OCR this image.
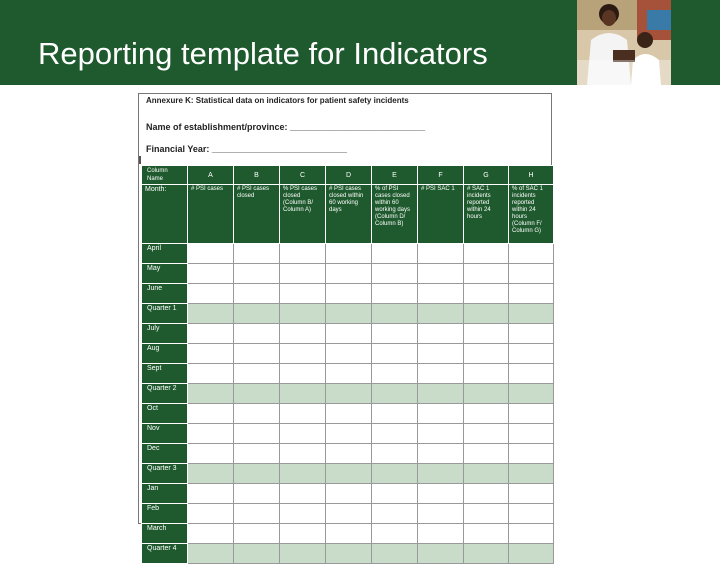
Reporting template for Indicators
Annexure K: Statistical data on indicators for patient safety incidents
Name of establishment/province: ___________________________
Financial Year: ___________________________
Column Name	A	B	C	D	E	F	G	H
Month:	# PSI cases	# PSI cases closed	% PSI cases closed (Column B/ Column A)	# PSI cases closed within 60 working days	% of PSI cases closed within 60 working days (Column D/ Column B)	# PSI SAC 1	# SAC 1 incidents reported within 24 hours	% of SAC 1 incidents reported within 24 hours (Column F/ Column G)
April								
May								
June								
Quarter 1								
July								
Aug								
Sept								
Quarter 2								
Oct								
Nov								
Dec								
Quarter 3								
Jan								
Feb								
March								
Quarter 4								
